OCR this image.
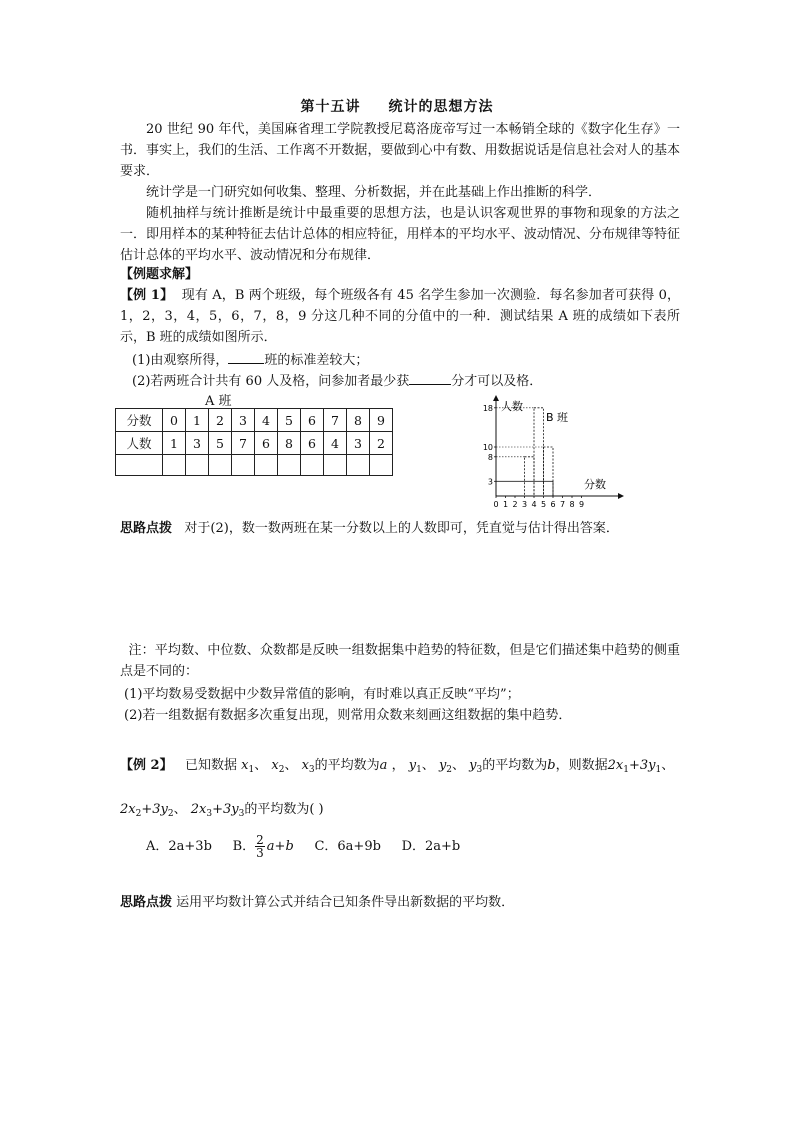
第十五讲 统计的思想方法
20 世纪 90 年代，美国麻省理工学院教授尼葛洛庞帝写过一本畅销全球的《数字化生存》一书．事实上，我们的生活、工作离不开数据，要做到心中有数、用数据说话是信息社会对人的基本要求．
统计学是一门研究如何收集、整理、分析数据，并在此基础上作出推断的科学．
随机抽样与统计推断是统计中最重要的思想方法，也是认识客观世界的事物和现象的方法之一．即用样本的某种特征去估计总体的相应特征，用样本的平均水平、波动情况、分布规律等特征估计总体的平均水平、波动情况和分布规律．
【例题求解】
【例 1】 现有 A，B 两个班级，每个班级各有 45 名学生参加一次测验．每名参加者可获得 0，1，2，3，4，5，6，7，8，9 分这几种不同的分值中的一种．测试结果 A 班的成绩如下表所示，B 班的成绩如图所示．
(1)由观察所得，	班的标准差较大；
(2)若两班合计共有 60 人及格，问参加者最少获	分才可以及格．
A 班
分数	0	1	2	3	4	5	6	7	8	9
人数	1	3	5	7	6	8	6	4	3	2

B 班
人数
分数
3
8
10
18
0 1 2 3 4 5 6 7 8 9
思路点拨 对于(2)，数一数两班在某一分数以上的人数即可，凭直觉与估计得出答案．
注：平均数、中位数、众数都是反映一组数据集中趋势的特征数，但是它们描述集中趋势的侧重点是不同的：
(1)平均数易受数据中少数异常值的影响，有时难以真正反映“平均”；
(2)若一组数据有数据多次重复出现，则常用众数来刻画这组数据的集中趋势．
【例 2】 已知数据 $x_1$、 $x_2$、 $x_3$的平均数为a ， $y_1$、 $y_2$、 $y_3$的平均数为b，则数据$2x_1+3y_1$、
$2x_2+3y_2$、 $2x_3+3y_3$的平均数为( )
A．2a+3b B． $\frac{2}{3} a+b$ C．6a+9b D．2a+b
思路点拨 运用平均数计算公式并结合已知条件导出新数据的平均数．
